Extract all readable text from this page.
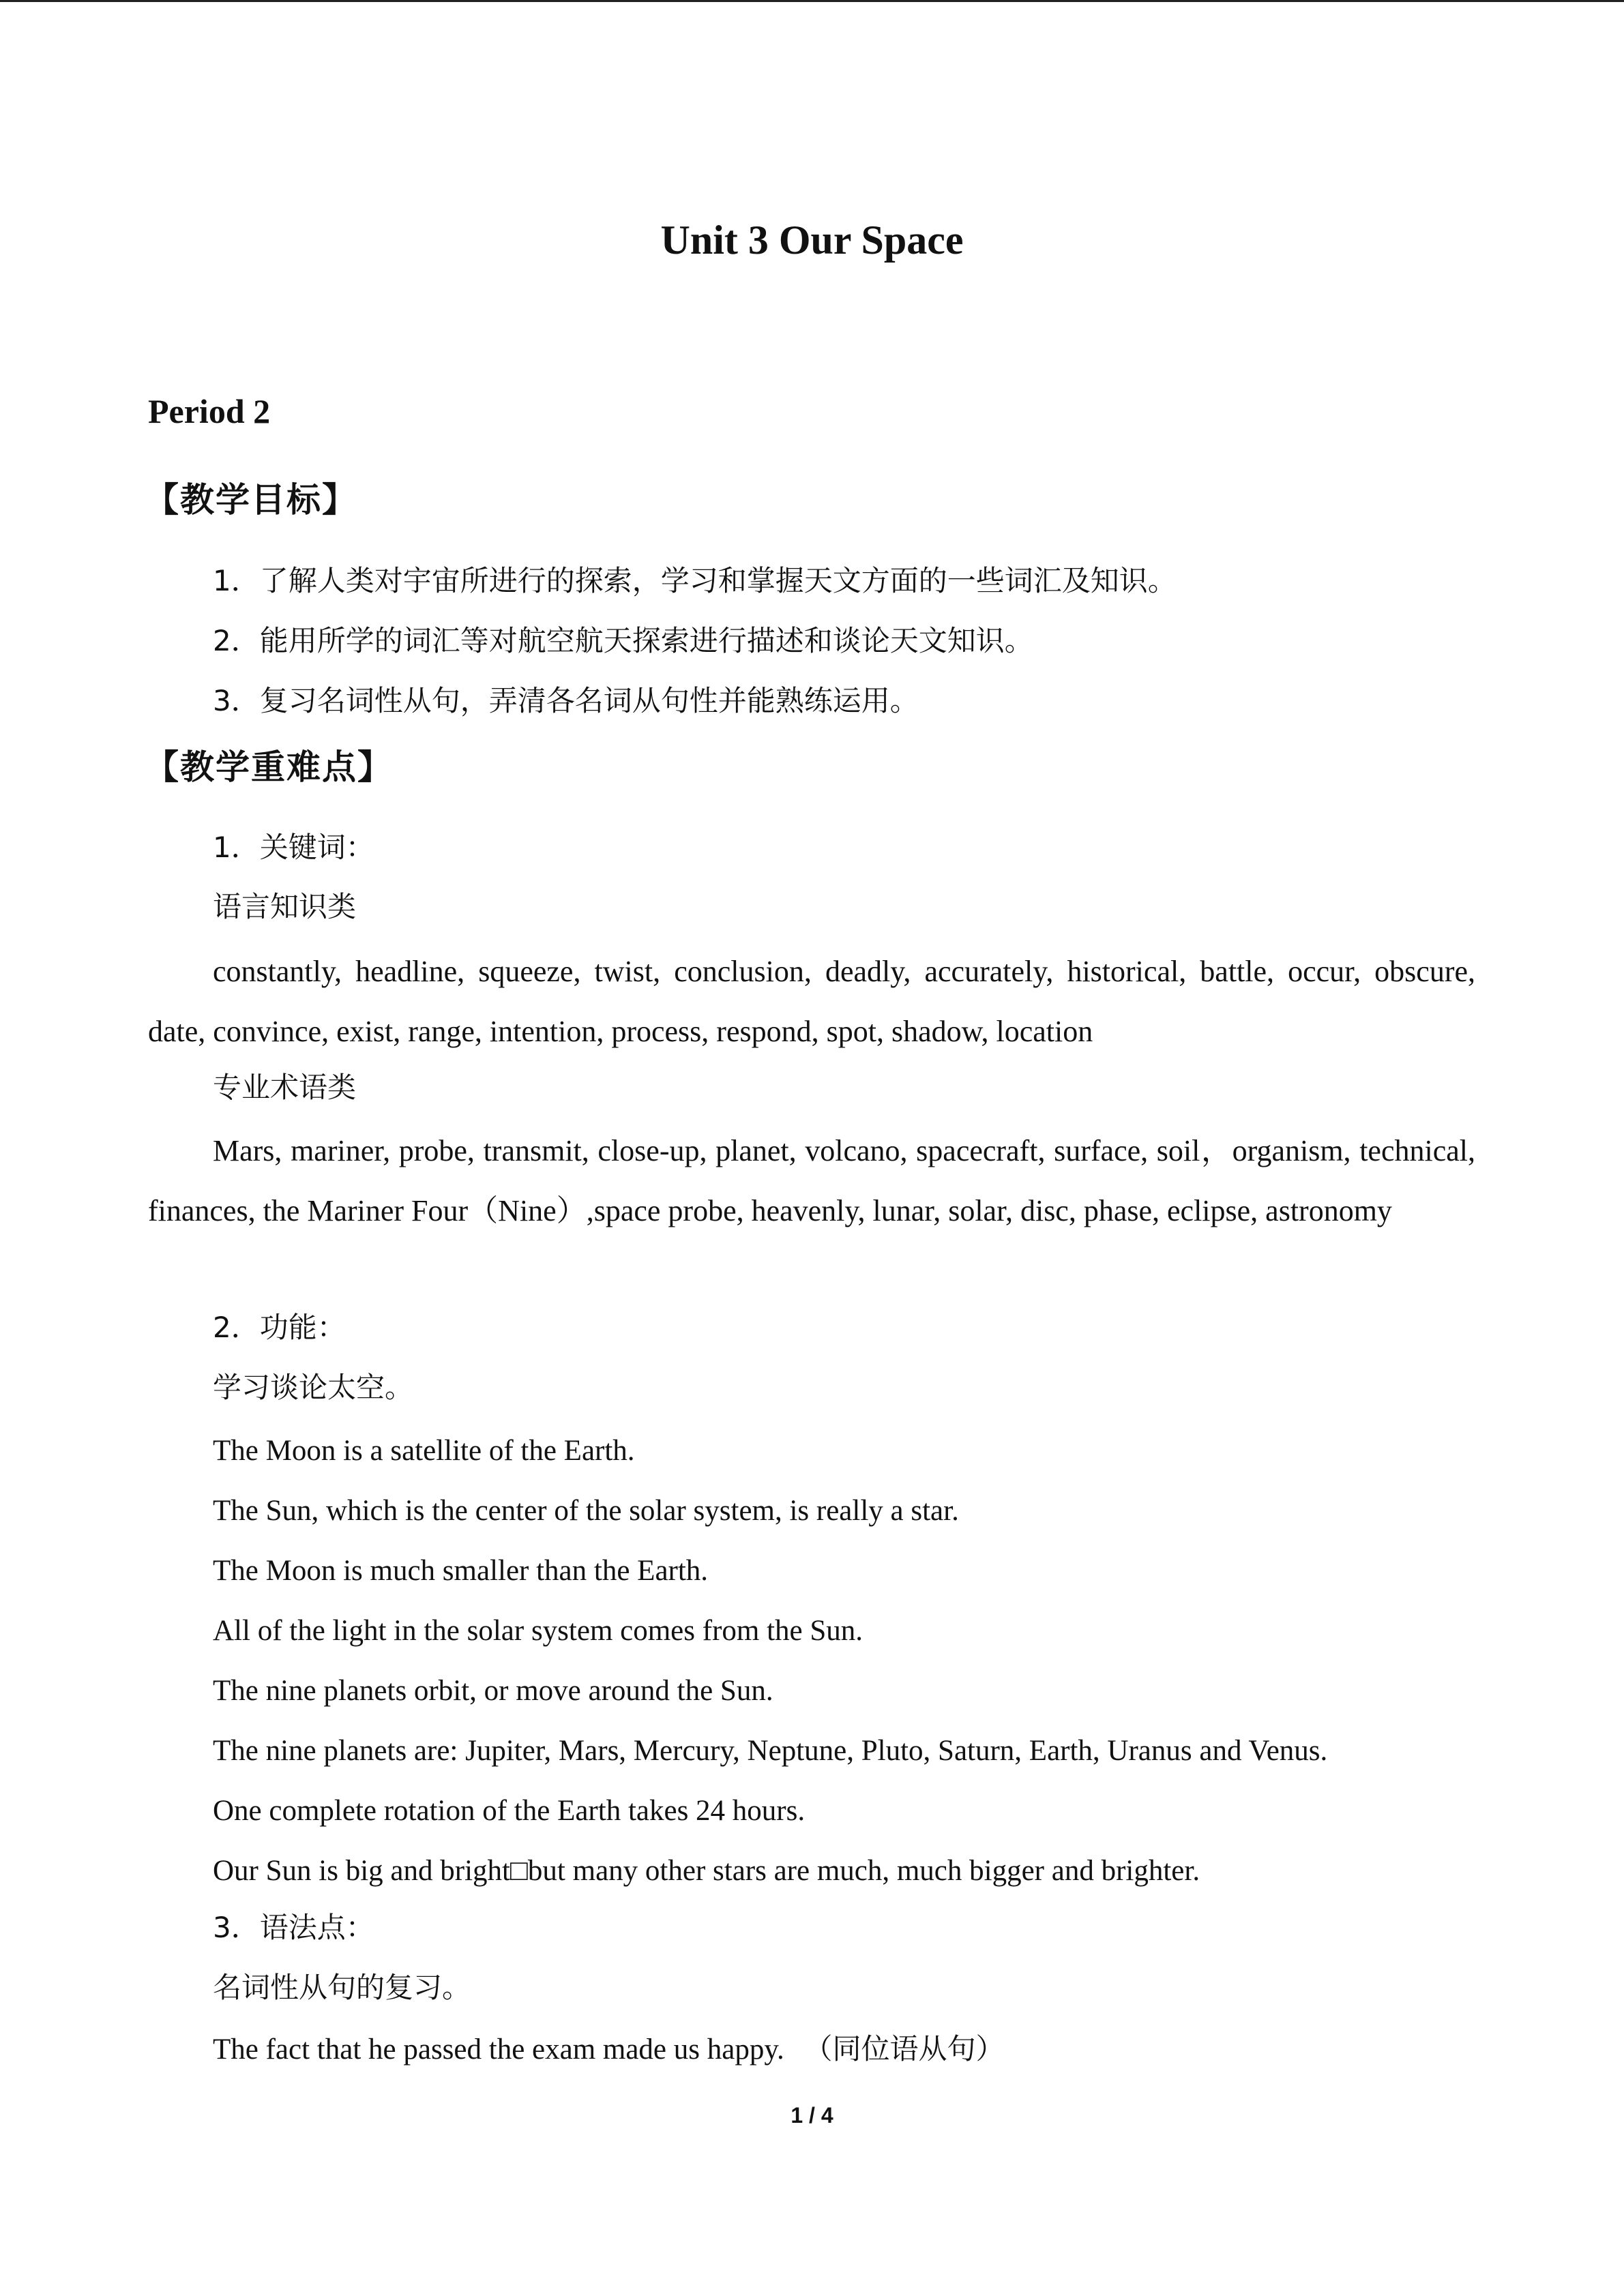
Unit 3 Our Space
Period 2
【教学目标】
1．了解人类对宇宙所进行的探索，学习和掌握天文方面的一些词汇及知识。
2．能用所学的词汇等对航空航天探索进行描述和谈论天文知识。
3．复习名词性从句，弄清各名词从句性并能熟练运用。
【教学重难点】
1．关键词：
语言知识类
constantly, headline, squeeze, twist, conclusion, deadly, accurately, historical, battle, occur, obscure, date, convince, exist, range, intention, process, respond, spot, shadow, location
专业术语类
Mars, mariner, probe, transmit, close-up, planet, volcano, spacecraft, surface, soil，organism, technical, finances, the Mariner Four（Nine）,space probe, heavenly, lunar, solar, disc, phase, eclipse, astronomy
2．功能：
学习谈论太空。
The Moon is a satellite of the Earth.
The Sun, which is the center of the solar system, is really a star.
The Moon is much smaller than the Earth.
All of the light in the solar system comes from the Sun.
The nine planets orbit, or move around the Sun.
The nine planets are: Jupiter, Mars, Mercury, Neptune, Pluto, Saturn, Earth, Uranus and Venus.
One complete rotation of the Earth takes 24 hours.
Our Sun is big and bright□but many other stars are much, much bigger and brighter.
3．语法点：
名词性从句的复习。
The fact that he passed the exam made us happy. （同位语从句）
1 / 4
